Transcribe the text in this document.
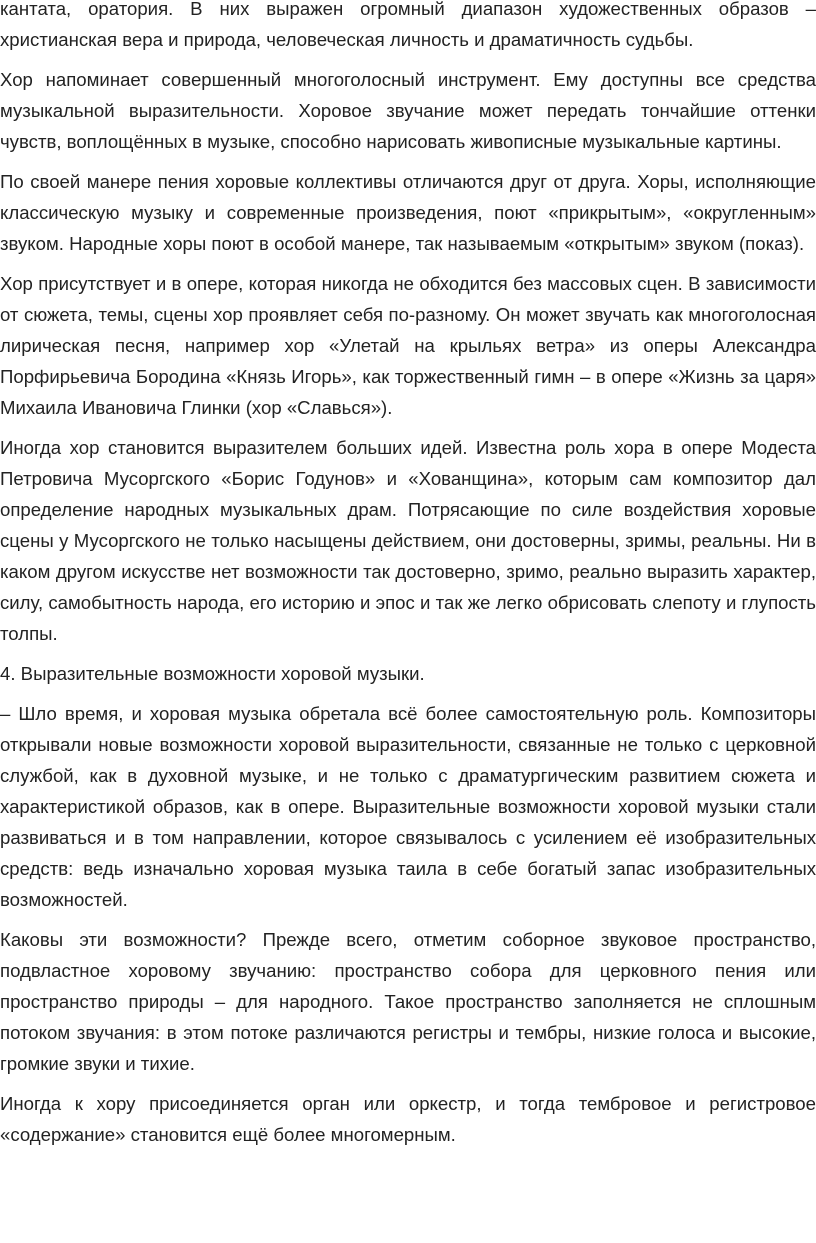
кантата, оратория. В них выражен огромный диапазон художественных образов – христианская вера и природа, человеческая личность и драматичность судьбы.

Хор напоминает совершенный многоголосный инструмент. Ему доступны все средства музыкальной выразительности. Хоровое звучание может передать тончайшие оттенки чувств, воплощённых в музыке, способно нарисовать живописные музыкальные картины.

По своей манере пения хоровые коллективы отличаются друг от друга. Хоры, исполняющие классическую музыку и современные произведения, поют «прикрытым», «округленным» звуком. Народные хоры поют в особой манере, так называемым «открытым» звуком (показ).

Хор присутствует и в опере, которая никогда не обходится без массовых сцен. В зависимости от сюжета, темы, сцены хор проявляет себя по-разному. Он может звучать как многоголосная лирическая песня, например хор «Улетай на крыльях ветра» из оперы Александра Порфирьевича Бородина «Князь Игорь», как торжественный гимн – в опере «Жизнь за царя» Михаила Ивановича Глинки (хор «Славься»).

Иногда хор становится выразителем больших идей. Известна роль хора в опере Модеста Петровича Мусоргского «Борис Годунов» и «Хованщина», которым сам композитор дал определение народных музыкальных драм. Потрясающие по силе воздействия хоровые сцены у Мусоргского не только насыщены действием, они достоверны, зримы, реальны. Ни в каком другом искусстве нет возможности так достоверно, зримо, реально выразить характер, силу, самобытность народа, его историю и эпос и так же легко обрисовать слепоту и глупость толпы.

4. Выразительные возможности хоровой музыки.

– Шло время, и хоровая музыка обретала всё более самостоятельную роль. Композиторы открывали новые возможности хоровой выразительности, связанные не только с церковной службой, как в духовной музыке, и не только с драматургическим развитием сюжета и характеристикой образов, как в опере. Выразительные возможности хоровой музыки стали развиваться и в том направлении, которое связывалось с усилением её изобразительных средств: ведь изначально хоровая музыка таила в себе богатый запас изобразительных возможностей.

Каковы эти возможности? Прежде всего, отметим соборное звуковое пространство, подвластное хоровому звучанию: пространство собора для церковного пения или пространство природы – для народного. Такое пространство заполняется не сплошным потоком звучания: в этом потоке различаются регистры и тембры, низкие голоса и высокие, громкие звуки и тихие.

Иногда к хору присоединяется орган или оркестр, и тогда тембровое и регистровое «содержание» становится ещё более многомерным.
